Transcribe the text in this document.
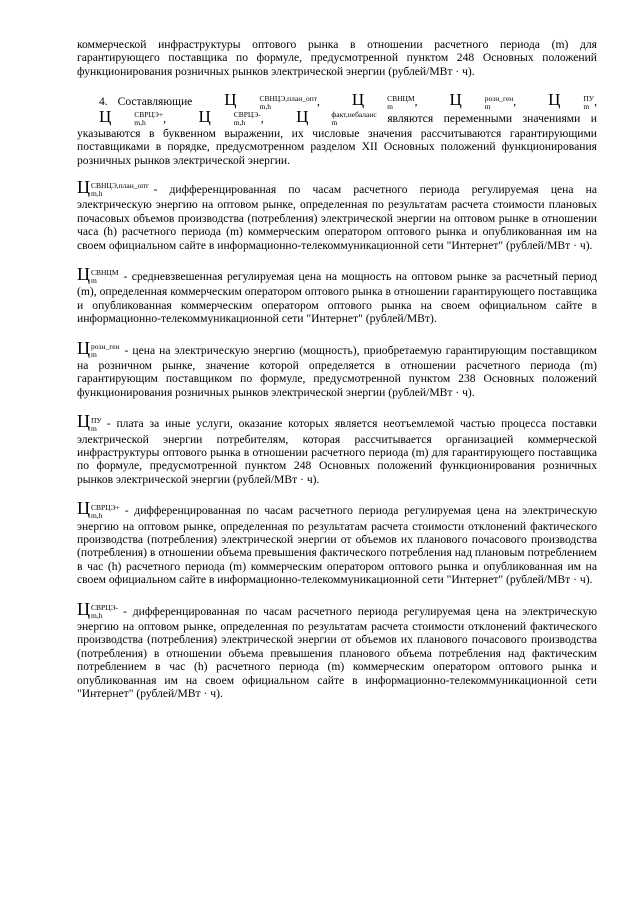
коммерческой инфраструктуры оптового рынка в отношении расчетного периода (m) для гарантирующего поставщика по формуле, предусмотренной пунктом 248 Основных положений функционирования розничных рынков электрической энергии (рублей/МВт · ч).

4. Составляющие Ц	СВНЦЭ,план_опт
m,h	, Ц	СВНЦМ
m	, Ц	розн_ген
m	, Ц	ПУ
m , Ц	СВРЦЭ+
m,h	, Ц	СВРЦЭ-
m,h	, Ц	факт,небаланс
m	являются переменными значениями и указываются в буквенном выражении, их числовые значения рассчитываются гарантирующими поставщиками в порядке, предусмотренном разделом XII Основных положений функционирования розничных рынков электрической энергии.

Ц СВНЦЭ,план_опт
m,h	- дифференцированная по часам расчетного периода регулируемая цена на электрическую энергию на оптовом рынке, определенная по результатам расчета стоимости плановых почасовых объемов производства (потребления) электрической энергии на оптовом рынке в отношении часа (h) расчетного периода (m) коммерческим оператором оптового рынка и опубликованная им на своем официальном сайте в информационно-телекоммуникационной сети "Интернет" (рублей/МВт · ч).

Ц СВНЦМ
m	- средневзвешенная регулируемая цена на мощность на оптовом рынке за расчетный период (m), определенная коммерческим оператором оптового рынка в отношении гарантирующего поставщика и опубликованная коммерческим оператором оптового рынка на своем официальном сайте в информационно-телекоммуникационной сети "Интернет" (рублей/МВт).

Ц розн_ген
m	- цена на электрическую энергию (мощность), приобретаемую гарантирующим поставщиком на розничном рынке, значение которой определяется в отношении расчетного периода (m) гарантирующим поставщиком по формуле, предусмотренной пунктом 238 Основных положений функционирования розничных рынков электрической энергии (рублей/МВт · ч).

Ц ПУ
m - плата за иные услуги, оказание которых является неотъемлемой частью процесса поставки электрической энергии потребителям, которая рассчитывается организацией коммерческой инфраструктуры оптового рынка в отношении расчетного периода (m) для гарантирующего поставщика по формуле, предусмотренной пунктом 248 Основных положений функционирования розничных рынков электрической энергии (рублей/МВт · ч).

Ц СВРЦЭ+
m,h	- дифференцированная по часам расчетного периода регулируемая цена на электрическую энергию на оптовом рынке, определенная по результатам расчета стоимости отклонений фактического производства (потребления) электрической энергии от объемов их планового почасового производства (потребления) в отношении объема превышения фактического потребления над плановым потреблением в час (h) расчетного периода (m) коммерческим оператором оптового рынка и опубликованная им на своем официальном сайте в информационно-телекоммуникационной сети "Интернет" (рублей/МВт · ч).

Ц СВРЦЭ-
m,h	- дифференцированная по часам расчетного периода регулируемая цена на электрическую энергию на оптовом рынке, определенная по результатам расчета стоимости отклонений фактического производства (потребления) электрической энергии от объемов их планового почасового производства (потребления) в отношении объема превышения планового объема потребления над фактическим потреблением в час (h) расчетного периода (m) коммерческим оператором оптового рынка и опубликованная им на своем официальном сайте в информационно-телекоммуникационной сети "Интернет" (рублей/МВт · ч).
